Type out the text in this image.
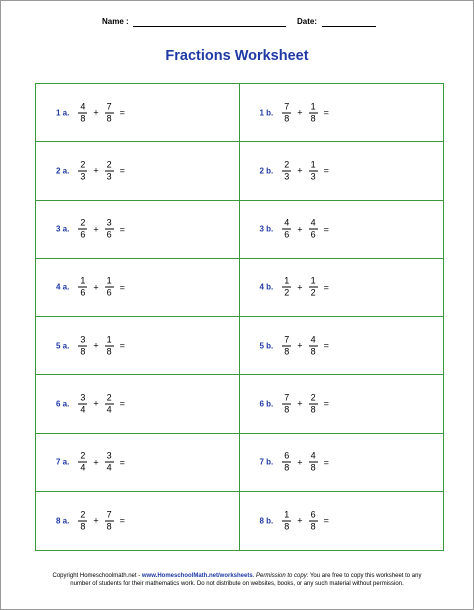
Name :	Date:
Fractions Worksheet
1 a. $\frac{4}{8} + \frac{7}{8}$ =	1 b. $\frac{7}{8} + \frac{1}{8}$ =
2 a. $\frac{2}{3} + \frac{2}{3}$ =	2 b. $\frac{2}{3} + \frac{1}{3}$ =
3 a. $\frac{2}{6} + \frac{3}{6}$ =	3 b. $\frac{4}{6} + \frac{4}{6}$ =
4 a. $\frac{1}{6} + \frac{1}{6}$ =	4 b. $\frac{1}{2} + \frac{1}{2}$ =
5 a. $\frac{3}{8} + \frac{1}{8}$ =	5 b. $\frac{7}{8} + \frac{4}{8}$ =
6 a. $\frac{3}{4} + \frac{2}{4}$ =	6 b. $\frac{7}{8} + \frac{2}{8}$ =
7 a. $\frac{2}{4} + \frac{3}{4}$ =	7 b. $\frac{6}{8} + \frac{4}{8}$ =
8 a. $\frac{2}{8} + \frac{7}{8}$ =	8 b. $\frac{1}{8} + \frac{6}{8}$ =
Copyright Homeschoolmath.net - www.HomeschoolMath.net/worksheets. Permission to copy: You are free to copy this worksheet to any
number of students for their mathematics work. Do not distribute on websites, books, or any such material without permission.
